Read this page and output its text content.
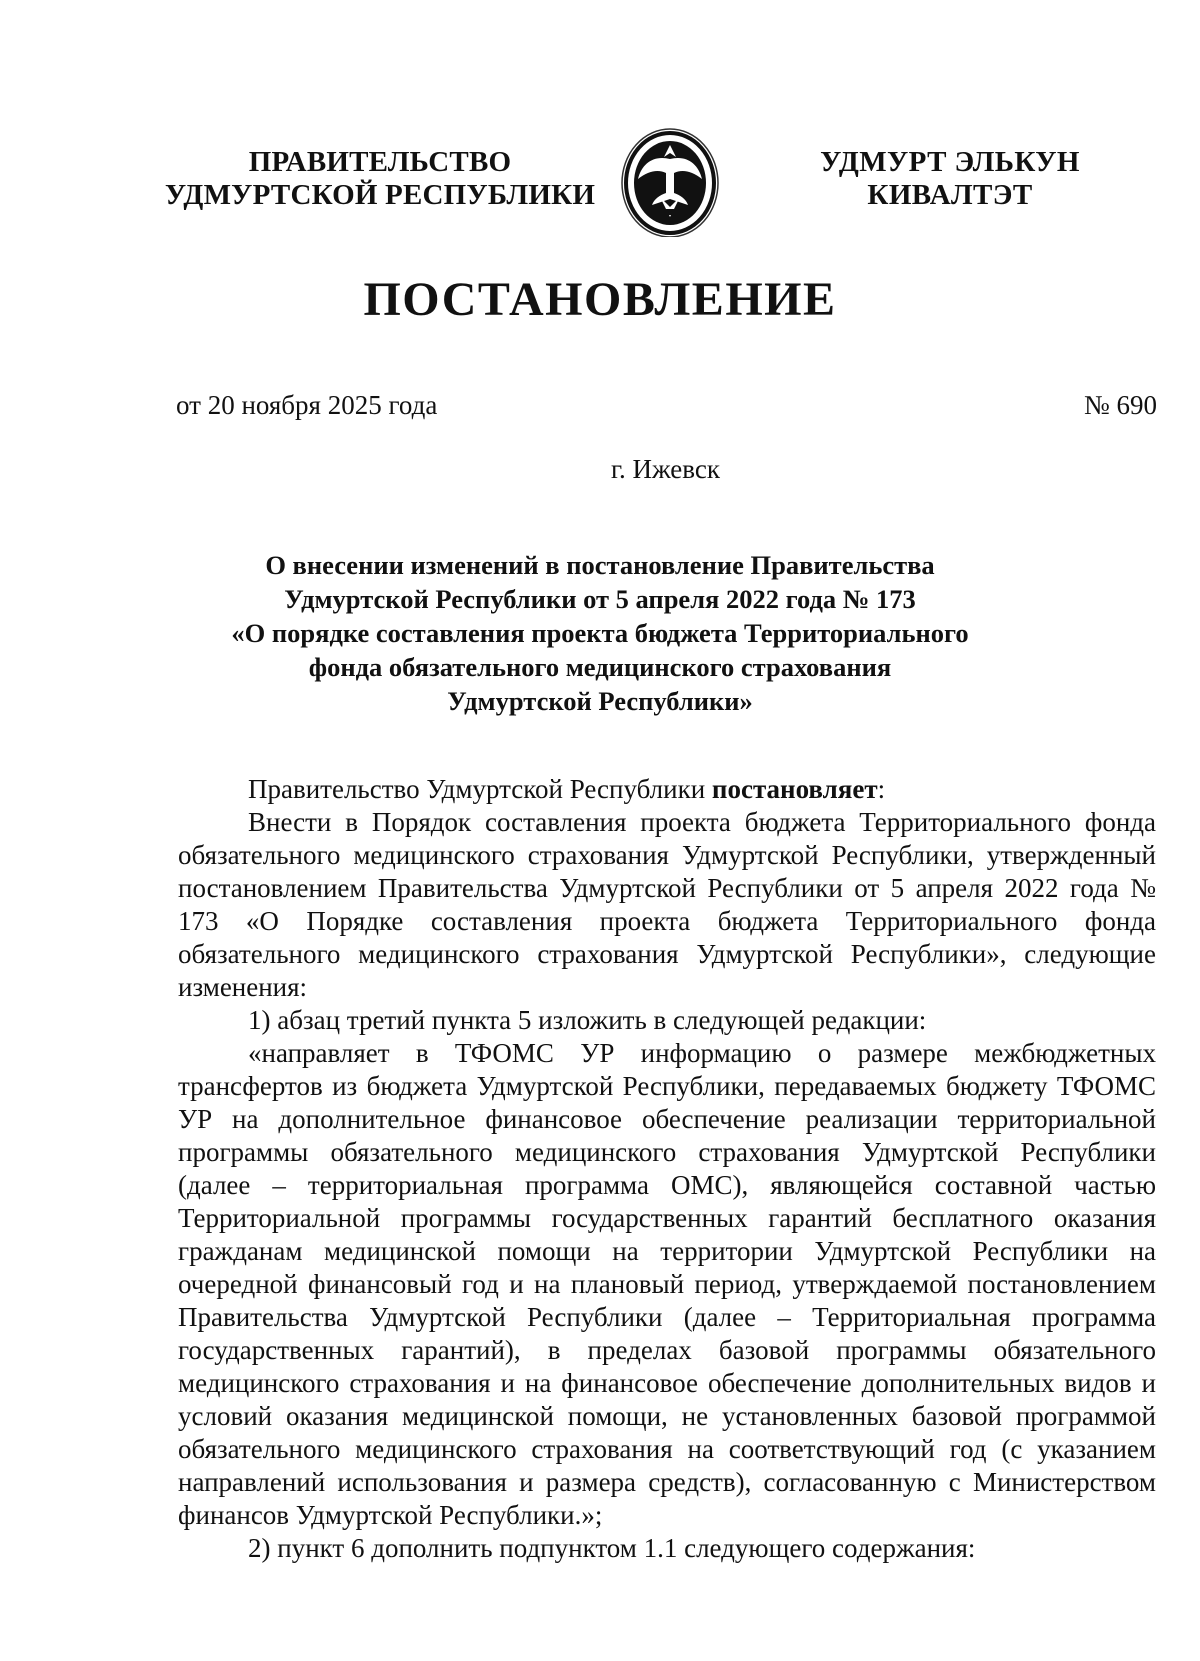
ПРАВИТЕЛЬСТВО
УДМУРТСКОЙ РЕСПУБЛИКИ
УДМУРТ ЭЛЬКУН
КИВАЛТЭТ
ПОСТАНОВЛЕНИЕ
от 20 ноября 2025 года	№ 690
г. Ижевск
О внесении изменений в постановление Правительства
Удмуртской Республики от 5 апреля 2022 года № 173
«О порядке составления проекта бюджета Территориального
фонда обязательного медицинского страхования
Удмуртской Республики»

Правительство Удмуртской Республики постановляет:

Внести в Порядок составления проекта бюджета Территориального фонда обязательного медицинского страхования Удмуртской Республики, утвержденный постановлением Правительства Удмуртской Республики от 5 апреля 2022 года № 173 «О Порядке составления проекта бюджета Территориального фонда обязательного медицинского страхования Удмуртской Республики», следующие изменения:

1) абзац третий пункта 5 изложить в следующей редакции:

«направляет в ТФОМС УР информацию о размере межбюджетных трансфертов из бюджета Удмуртской Республики, передаваемых бюджету ТФОМС УР на дополнительное финансовое обеспечение реализации территориальной программы обязательного медицинского страхования Удмуртской Республики (далее – территориальная программа ОМС), являющейся составной частью Территориальной программы государственных гарантий бесплатного оказания гражданам медицинской помощи на территории Удмуртской Республики на очередной финансовый год и на плановый период, утверждаемой постановлением Правительства Удмуртской Республики (далее – Территориальная программа государственных гарантий), в пределах базовой программы обязательного медицинского страхования и на финансовое обеспечение дополнительных видов и условий оказания медицинской помощи, не установленных базовой программой обязательного медицинского страхования на соответствующий год (с указанием направлений использования и размера средств), согласованную с Министерством финансов Удмуртской Республики.»;

2) пункт 6 дополнить подпунктом 1.1 следующего содержания:
